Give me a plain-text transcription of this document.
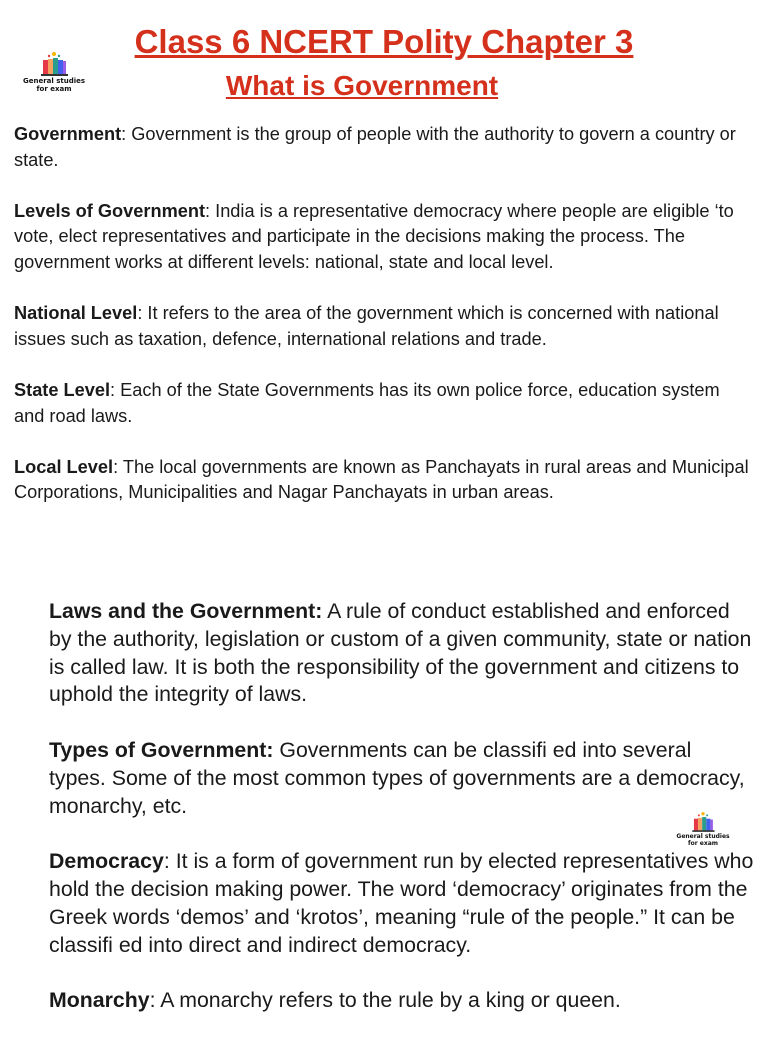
General studies
for exam
Class 6 NCERT Polity Chapter 3
What is Government

Government: Government is the group of people with the authority to govern a country or state.

Levels of Government: India is a representative democracy where people are eligible ‘to vote, elect representatives and participate in the decisions making the process. The government works at different levels: national, state and local level.

National Level: It refers to the area of the government which is concerned with national issues such as taxation, defence, international relations and trade.

State Level: Each of the State Governments has its own police force, education system and road laws.

Local Level: The local governments are known as Panchayats in rural areas and Municipal Corporations, Municipalities and Nagar Panchayats in urban areas.

Laws and the Government: A rule of conduct established and enforced by the authority, legislation or custom of a given community, state or nation is called law. It is both the responsibility of the government and citizens to uphold the integrity of laws.

Types of Government: Governments can be classifi ed into several types. Some of the most common types of governments are a democracy, monarchy, etc.

Democracy: It is a form of government run by elected representatives who hold the decision making power. The word ‘democracy’ originates from the Greek words ‘demos’ and ‘krotos’, meaning “rule of the people.” It can be classifi ed into direct and indirect democracy.

Monarchy: A monarchy refers to the rule by a king or queen.

General studies
for exam
